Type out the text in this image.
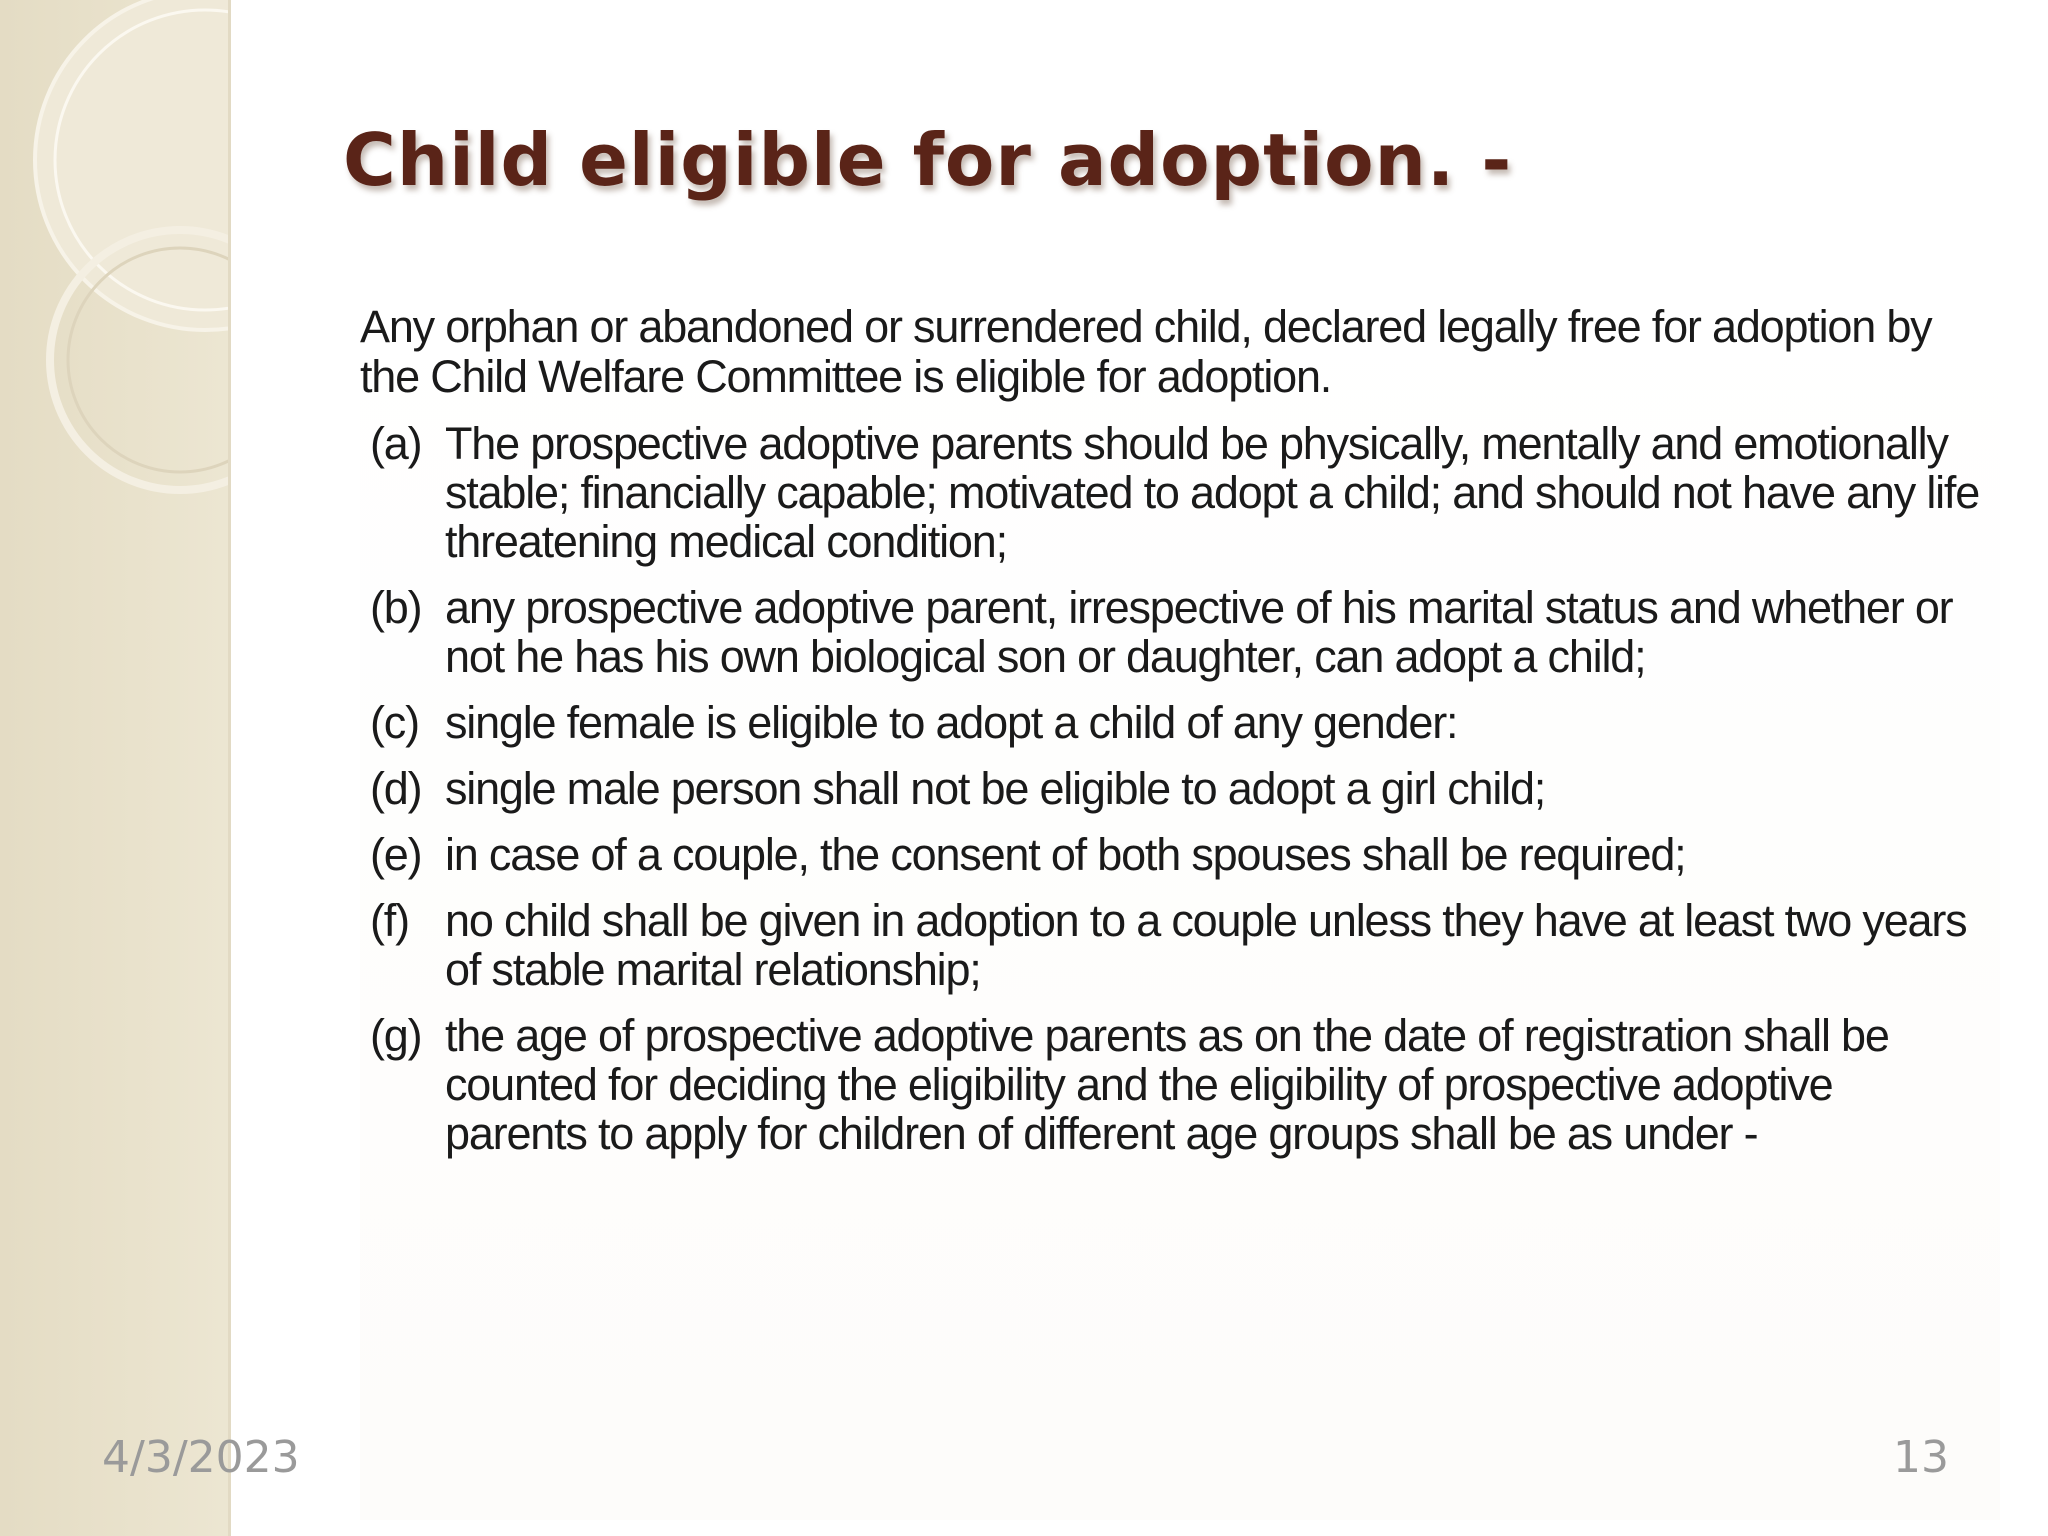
Child eligible for adoption. -

Any orphan or abandoned or surrendered child, declared legally free for adoption by the Child Welfare Committee is eligible for adoption.

(a) The prospective adoptive parents should be physically, mentally and emotionally stable; financially capable; motivated to adopt a child; and should not have any life threatening medical condition;
(b) any prospective adoptive parent, irrespective of his marital status and whether or not he has his own biological son or daughter, can adopt a child;
(c) single female is eligible to adopt a child of any gender:
(d) single male person shall not be eligible to adopt a girl child;
(e) in case of a couple, the consent of both spouses shall be required;
(f) no child shall be given in adoption to a couple unless they have at least two years of stable marital relationship;
(g) the age of prospective adoptive parents as on the date of registration shall be counted for deciding the eligibility and the eligibility of prospective adoptive parents to apply for children of different age groups shall be as under -
4/3/2023	13
